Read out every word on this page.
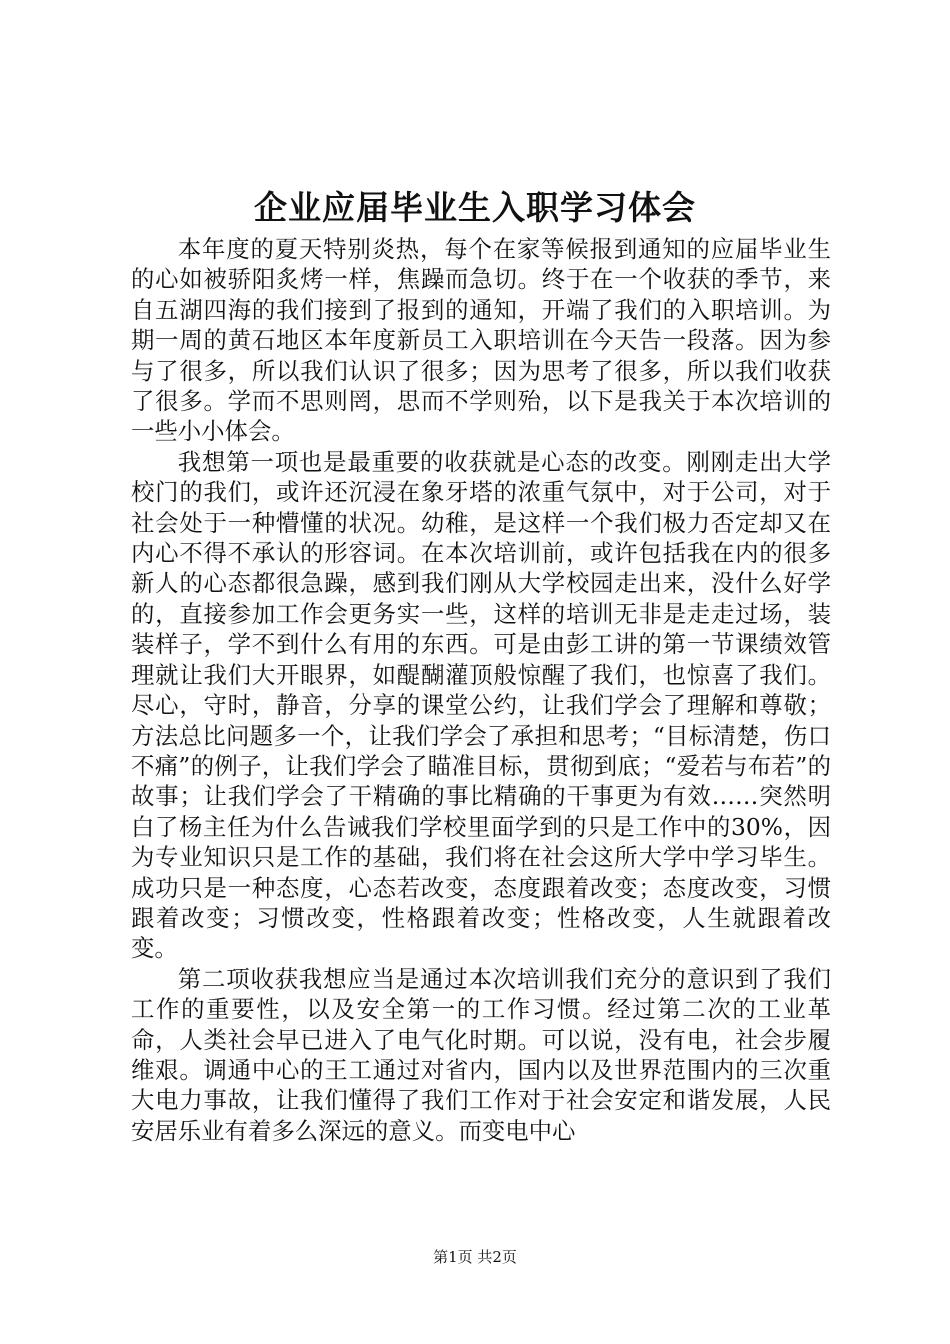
企业应届毕业生入职学习体会

本年度的夏天特别炎热，每个在家等候报到通知的应届毕业生的心如被骄阳炙烤一样，焦躁而急切。终于在一个收获的季节，来自五湖四海的我们接到了报到的通知，开端了我们的入职培训。为期一周的黄石地区本年度新员工入职培训在今天告一段落。因为参与了很多，所以我们认识了很多；因为思考了很多，所以我们收获了很多。学而不思则罔，思而不学则殆，以下是我关于本次培训的一些小小体会。

我想第一项也是最重要的收获就是心态的改变。刚刚走出大学校门的我们，或许还沉浸在象牙塔的浓重气氛中，对于公司，对于社会处于一种懵懂的状况。幼稚，是这样一个我们极力否定却又在内心不得不承认的形容词。在本次培训前，或许包括我在内的很多新人的心态都很急躁，感到我们刚从大学校园走出来，没什么好学的，直接参加工作会更务实一些，这样的培训无非是走走过场，装装样子，学不到什么有用的东西。可是由彭工讲的第一节课绩效管理就让我们大开眼界，如醍醐灌顶般惊醒了我们，也惊喜了我们。尽心，守时，静音，分享的课堂公约，让我们学会了理解和尊敬；方法总比问题多一个，让我们学会了承担和思考；“目标清楚，伤口不痛”的例子，让我们学会了瞄准目标，贯彻到底；“爱若与布若”的故事；让我们学会了干精确的事比精确的干事更为有效……突然明白了杨主任为什么告诫我们学校里面学到的只是工作中的30%，因为专业知识只是工作的基础，我们将在社会这所大学中学习毕生。成功只是一种态度，心态若改变，态度跟着改变；态度改变，习惯跟着改变；习惯改变，性格跟着改变；性格改变，人生就跟着改变。

第二项收获我想应当是通过本次培训我们充分的意识到了我们工作的重要性，以及安全第一的工作习惯。经过第二次的工业革命，人类社会早已进入了电气化时期。可以说，没有电，社会步履维艰。调通中心的王工通过对省内，国内以及世界范围内的三次重大电力事故，让我们懂得了我们工作对于社会安定和谐发展，人民安居乐业有着多么深远的意义。而变电中心

第1页 共2页
